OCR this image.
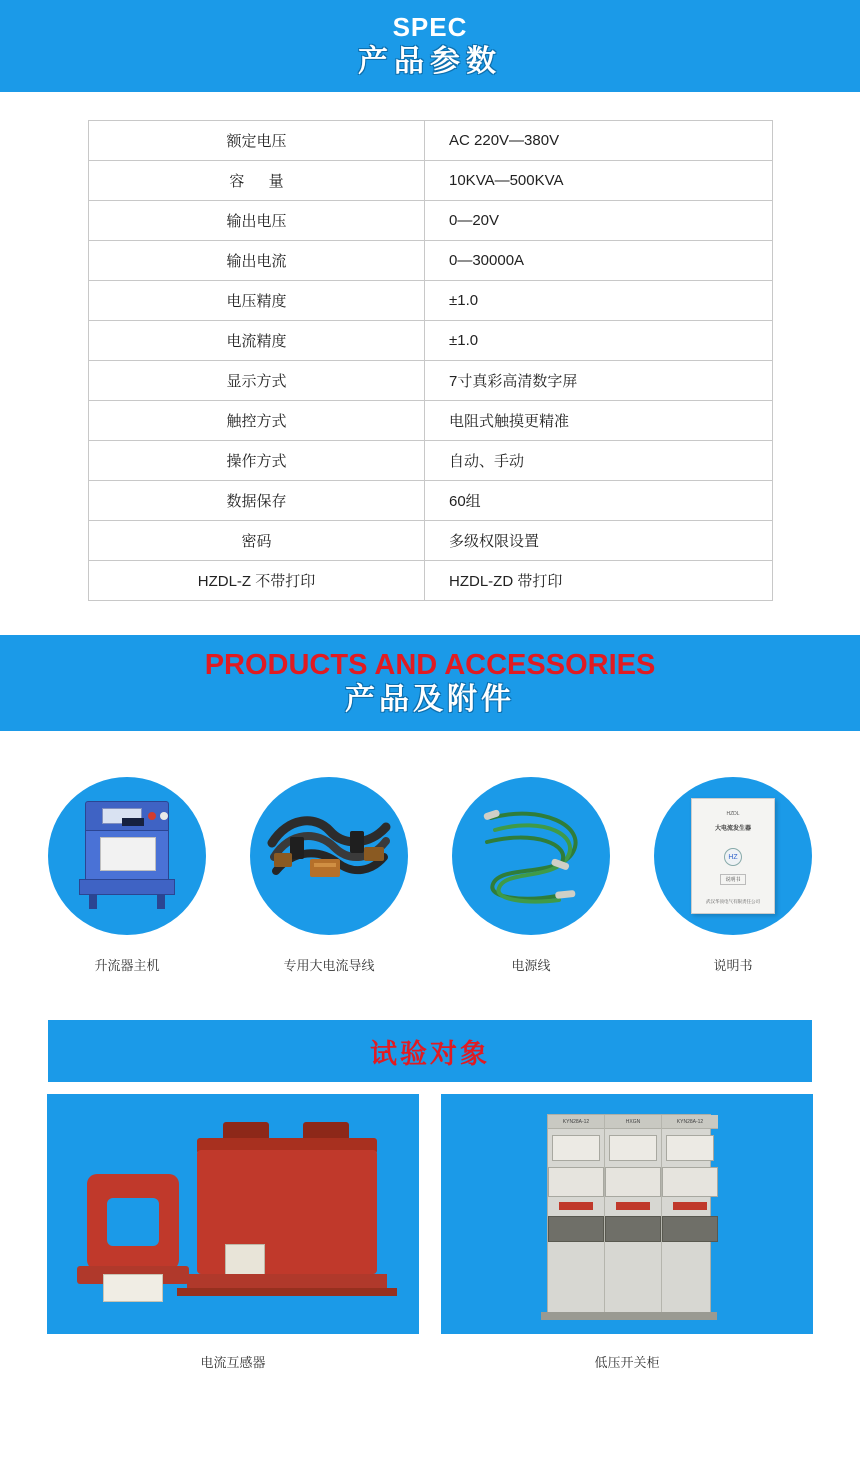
SPEC
产品参数
额定电压	AC 220V—380V
容 量	10KVA—500KVA
输出电压	0—20V
输出电流	0—30000A
电压精度	±1.0
电流精度	±1.0
显示方式	7寸真彩高清数字屏
触控方式	电阻式触摸更精准
操作方式	自动、手动
数据保存	60组
密码	多级权限设置
HZDL-Z 不带打印	HZDL-ZD 带打印
PRODUCTS AND ACCESSORIES
产品及附件
升流器主机	专用大电流导线	电源线
HZDL
大电流发生器
HZ
说明书
武汉华顶电气有限责任公司
说明书
试验对象
电流互感器
KYN28A-12	HXGN	KYN28A-12
低压开关柜
